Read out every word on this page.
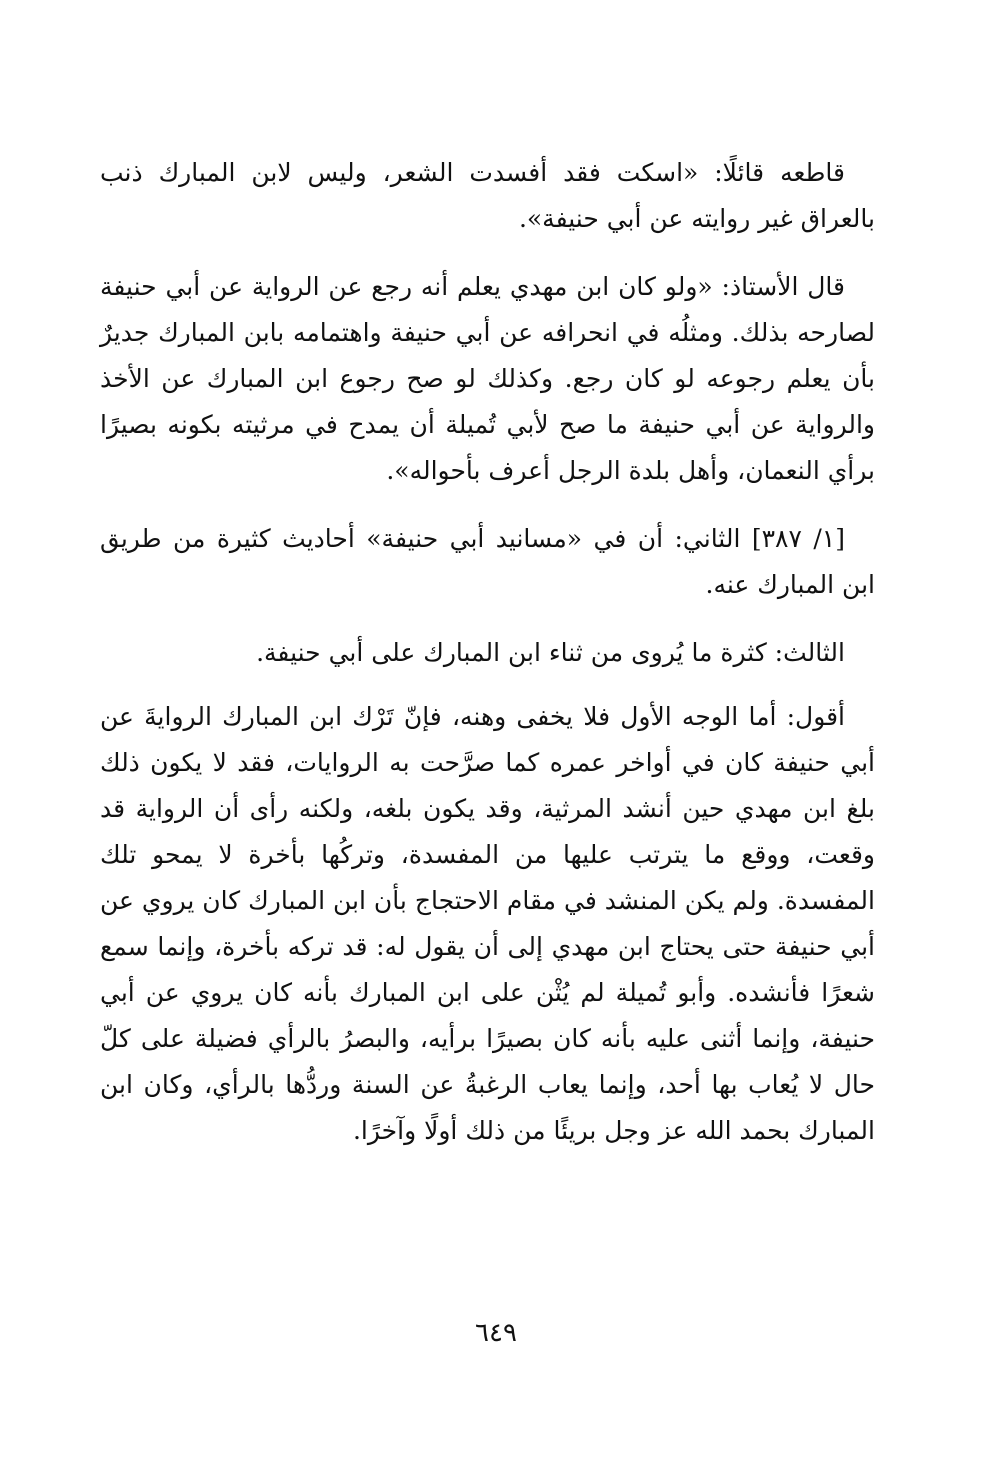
قاطعه قائلًا: «اسكت فقد أفسدت الشعر، وليس لابن المبارك ذنب بالعراق غير روايته عن أبي حنيفة».

قال الأستاذ: «ولو كان ابن مهدي يعلم أنه رجع عن الرواية عن أبي حنيفة لصارحه بذلك. ومثلُه في انحرافه عن أبي حنيفة واهتمامه بابن المبارك جديرٌ بأن يعلم رجوعه لو كان رجع. وكذلك لو صح رجوع ابن المبارك عن الأخذ والرواية عن أبي حنيفة ما صح لأبي تُميلة أن يمدح في مرثيته بكونه بصيرًا برأي النعمان، وأهل بلدة الرجل أعرف بأحواله».

[١/ ٣٨٧] الثاني: أن في «مسانيد أبي حنيفة» أحاديث كثيرة من طريق ابن المبارك عنه.

الثالث: كثرة ما يُروى من ثناء ابن المبارك على أبي حنيفة.

أقول: أما الوجه الأول فلا يخفى وهنه، فإنّ تَرْك ابن المبارك الروايةَ عن أبي حنيفة كان في أواخر عمره كما صرَّحت به الروايات، فقد لا يكون ذلك بلغ ابن مهدي حين أنشد المرثية، وقد يكون بلغه، ولكنه رأى أن الرواية قد وقعت، ووقع ما يترتب عليها من المفسدة، وتركُها بأخرة لا يمحو تلك المفسدة. ولم يكن المنشد في مقام الاحتجاج بأن ابن المبارك كان يروي عن أبي حنيفة حتى يحتاج ابن مهدي إلى أن يقول له: قد تركه بأخرة، وإنما سمع شعرًا فأنشده. وأبو تُميلة لم يُثْن على ابن المبارك بأنه كان يروي عن أبي حنيفة، وإنما أثنى عليه بأنه كان بصيرًا برأيه، والبصرُ بالرأي فضيلة على كلّ حال لا يُعاب بها أحد، وإنما يعاب الرغبةُ عن السنة وردُّها بالرأي، وكان ابن المبارك بحمد الله عز وجل بريئًا من ذلك أولًا وآخرًا.

٦٤٩
